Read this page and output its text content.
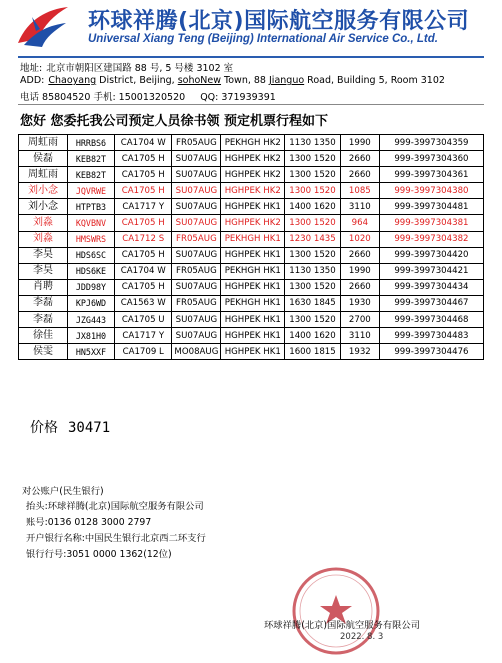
环球祥腾(北京)国际航空服务有限公司
Universal Xiang Teng (Beijing) International Air Service Co., Ltd.
地址: 北京市朝阳区建国路 88 号, 5 号楼 3102 室
ADD: Chaoyang District, Beijing, sohoNew Town, 88 Jianguo Road, Building 5, Room 3102
电话 85804520 手机: 15001320520 QQ: 371939391
您好 您委托我公司预定人员徐书领 预定机票行程如下
周虹雨	HRRBS6	CA1704 W	FR05AUG	PEKHGH HK2	1130 1350	1990	999-3997304359
侯磊	KEB82T	CA1705 H	SU07AUG	HGHPEK HK2	1300 1520	2660	999-3997304360
周虹雨	KEB82T	CA1705 H	SU07AUG	HGHPEK HK2	1300 1520	2660	999-3997304361
刘小念	JQVRWE	CA1705 H	SU07AUG	HGHPEK HK2	1300 1520	1085	999-3997304380
刘小念	HTPTB3	CA1717 Y	SU07AUG	HGHPEK HK1	1400 1620	3110	999-3997304481
刘淼	KQVBNV	CA1705 H	SU07AUG	HGHPEK HK2	1300 1520	964	999-3997304381
刘淼	HMSWRS	CA1712 S	FR05AUG	PEKHGH HK1	1230 1435	1020	999-3997304382
李昊	HDS6SC	CA1705 H	SU07AUG	HGHPEK HK1	1300 1520	2660	999-3997304420
李昊	HDS6KE	CA1704 W	FR05AUG	PEKHGH HK1	1130 1350	1990	999-3997304421
肖聘	JDD98Y	CA1705 H	SU07AUG	HGHPEK HK1	1300 1520	2660	999-3997304434
李磊	KPJ6WD	CA1563 W	FR05AUG	PEKHGH HK1	1630 1845	1930	999-3997304467
李磊	JZG443	CA1705 U	SU07AUG	HGHPEK HK1	1300 1520	2700	999-3997304468
徐佳	JX81H0	CA1717 Y	SU07AUG	HGHPEK HK1	1400 1620	3110	999-3997304483
侯雯	HN5XXF	CA1709 L	MO08AUG	HGHPEK HK1	1600 1815	1932	999-3997304476
价格 30471
对公账户(民生银行)
抬头:环球祥腾(北京)国际航空服务有限公司
账号:0136 0128 3000 2797
开户银行名称:中国民生银行北京西二环支行
银行行号:3051 0000 1362(12位)
环球祥腾(北京)国际航空服务有限公司
2022. 8. 3
